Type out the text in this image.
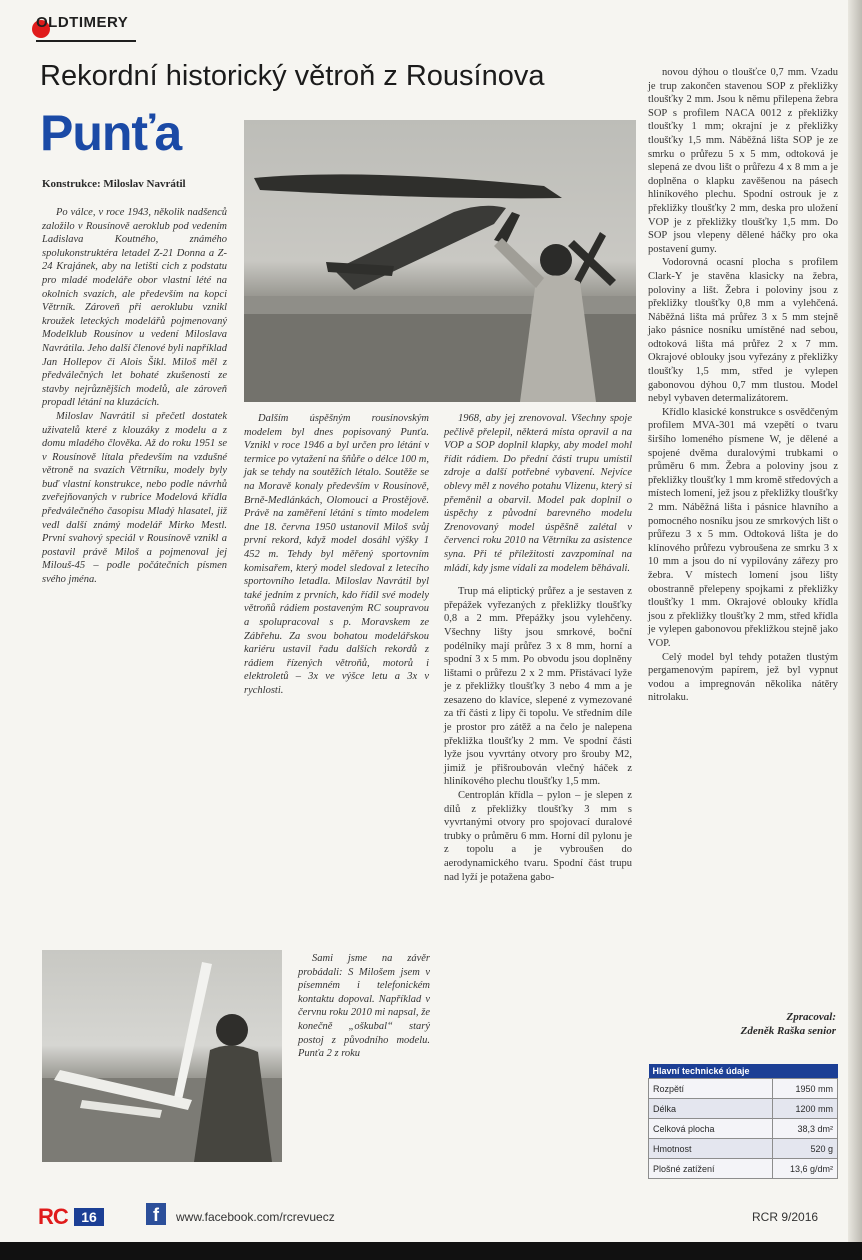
OLDTIMERY
Rekordní historický větroň z Rousínova
Punťa
Konstrukce: Miloslav Navrátil

Po válce, v roce 1943, několik nadšenců založilo v Rousínově aeroklub pod vedením Ladislava Koutného, známého spolukonstruktéra letadel Z-21 Donna a Z-24 Krajánek, aby na letišti cich z podstatu pro mladé modeláře obor vlastní lété na okolních svazích, ale především na kopci Větrník. Zároveň při aeroklubu vznikl kroužek leteckých modelářů pojmenovaný Modelklub Rousínov u vedení Miloslava Navrátila. Jeho další členové byli například Jan Hollepov či Alois Šikl. Miloš měl z předválečných let bohaté zkušenosti ze stavby nejrůznějších modelů, ale zároveň propadl létání na kluzácích.

Miloslav Navrátil si přečetl dostatek uživatelů které z klouzáky z modelu a z domu mladého člověka. Až do roku 1951 se v Rousínově lítala především na vzdušné větroně na svazích Větrníku, modely byly buď vlastní konstrukce, nebo podle návrhů zveřejňovaných v rubrice Modelová křídla předválečného časopisu Mladý hlasatel, již vedl další známý modelář Mirko Mestl. První svahový speciál v Rousínově vznikl a postavil právě Miloš a pojmenoval jej Milouš-45 – podle počátečních písmen svého jména.

Dalším úspěšným rousínovským modelem byl dnes popisovaný Punťa. Vznikl v roce 1946 a byl určen pro létání v termice po vytažení na šňůře o délce 100 m, jak se tehdy na soutěžích létalo. Soutěže se na Moravě konaly především v Rousínově, Brně-Medlánkách, Olomouci a Prostějově. Právě na zaměření létání s tímto modelem dne 18. června 1950 ustanovil Miloš svůj první rekord, když model dosáhl výšky 1 452 m. Tehdy byl měřený sportovním komisařem, který model sledoval z letecího sportovního letadla. Miloslav Navrátil byl také jedním z prvních, kdo řídil své modely větroňů rádiem postaveným RC soupravou a spolupracoval s p. Moravskem ze Zábřehu. Za svou bohatou modelářskou kariéru ustavil řadu dalších rekordů z rádiem řízených větroňů, motorů i elektroletů – 3x ve výšce letu a 3x v rychlosti.

Sami jsme na závěr probádali: S Milošem jsem v písemném i telefonickém kontaktu dopoval. Například v červnu roku 2010 mi napsal, že konečně „oškubal“ starý postoj z původního modelu. Punťa 2 z roku

1968, aby jej zrenovoval. Všechny spoje pečlivě přelepil, některá místa opravil a na VOP a SOP doplnil klapky, aby model mohl řídit rádiem. Do přední části trupu umístil zdroje a další potřebné vybavení. Nejvíce oblevy měl z nového potahu Vlizenu, který si přeměnil a obarvil. Model pak doplnil o úspěchy z původní barevného modelu Zrenovovaný model úspěšně zalétal v červenci roku 2010 na Větrníku za asistence syna. Při té příležitosti zavzpomínal na mládí, kdy jsme vídali za modelem běhávali.

Trup má eliptický průřez a je sestaven z přepážek vyřezaných z překližky tloušťky 0,8 a 2 mm. Přepážky jsou vylehčeny. Všechny lišty jsou smrkové, boční podélníky mají průřez 3 x 8 mm, horní a spodní 3 x 5 mm. Po obvodu jsou doplněny lištami o průřezu 2 x 2 mm. Přistávací lyže je z překližky tloušťky 3 nebo 4 mm a je zesazeno do klavíce, slepené z vymezované za tří části z lipy či topolu. Ve středním díle je prostor pro zátěž a na čelo je nalepena překližka tloušťky 2 mm. Ve spodní části lyže jsou vyvrtány otvory pro šrouby M2, jimiž je přišroubován vlečný háček z hliníkového plechu tloušťky 1,5 mm.

Centroplán křídla – pylon – je slepen z dílů z překližky tloušťky 3 mm s vyvrtanými otvory pro spojovací duralové trubky o průměru 6 mm. Horní díl pylonu je z topolu a je vybroušen do aerodynamického tvaru. Spodní část trupu nad lyží je potažena gabo-

novou dýhou o tloušťce 0,7 mm. Vzadu je trup zakončen stavenou SOP z překližky tloušťky 2 mm. Jsou k němu přilepena žebra SOP s profilem NACA 0012 z překližky tloušťky 1 mm; okrajní je z překližky tloušťky 1,5 mm. Náběžná lišta SOP je ze smrku o průřezu 5 x 5 mm, odtoková je slepená ze dvou lišt o průřezu 4 x 8 mm a je doplněna o klapku zavěšenou na pásech hliníkového plechu. Spodní ostrouk je z překližky tloušťky 2 mm, deska pro uložení VOP je z překližky tloušťky 1,5 mm. Do SOP jsou vlepeny dělené háčky pro oka postavení gumy.

Vodorovná ocasní plocha s profilem Clark-Y je stavěna klasicky na žebra, poloviny a lišt. Žebra i poloviny jsou z překližky tloušťky 0,8 mm a vylehčená. Náběžná lišta má průřez 3 x 5 mm stejně jako pásnice nosníku umístěné nad sebou, odtoková lišta má průřez 2 x 7 mm. Okrajové oblouky jsou vyřezány z překližky tloušťky 1,5 mm, střed je vylepen gabonovou dýhou 0,7 mm tlustou. Model nebyl vybaven determalizátorem.

Křídlo klasické konstrukce s osvědčeným profilem MVA-301 má vzepětí o tvaru širšího lomeného písmene W, je dělené a spojené dvěma duralovými trubkami o průměru 6 mm. Žebra a poloviny jsou z překližky tloušťky 1 mm kromě středových a místech lomení, jež jsou z překližky tloušťky 2 mm. Náběžná lišta i pásnice hlavního a pomocného nosníku jsou ze smrkových lišt o průřezu 3 x 5 mm. Odtoková lišta je do klínového průřezu vybroušena ze smrku 3 x 10 mm a jsou do ní vypilovány zářezy pro žebra. V místech lomení jsou lišty obostranně přelepeny spojkami z překližky tloušťky 1 mm. Okrajové oblouky křídla jsou z překližky tloušťky 2 mm, střed křídla je vylepen gabonovou překližkou stejně jako VOP.

Celý model byl tehdy potažen tlustým pergamenovým papírem, jež byl vypnut vodou a impregnován několika nátěry nitrolaku.

Zpracoval:
Zdeněk Raška senior
Hlavní technické údaje	
Rozpětí	1950 mm
Délka	1200 mm
Celková plocha	38,3 dm²
Hmotnost	520 g
Plošné zatížení	13,6 g/dm²
RC 16	f	www.facebook.com/rcrevuecz	RCR 9/2016
